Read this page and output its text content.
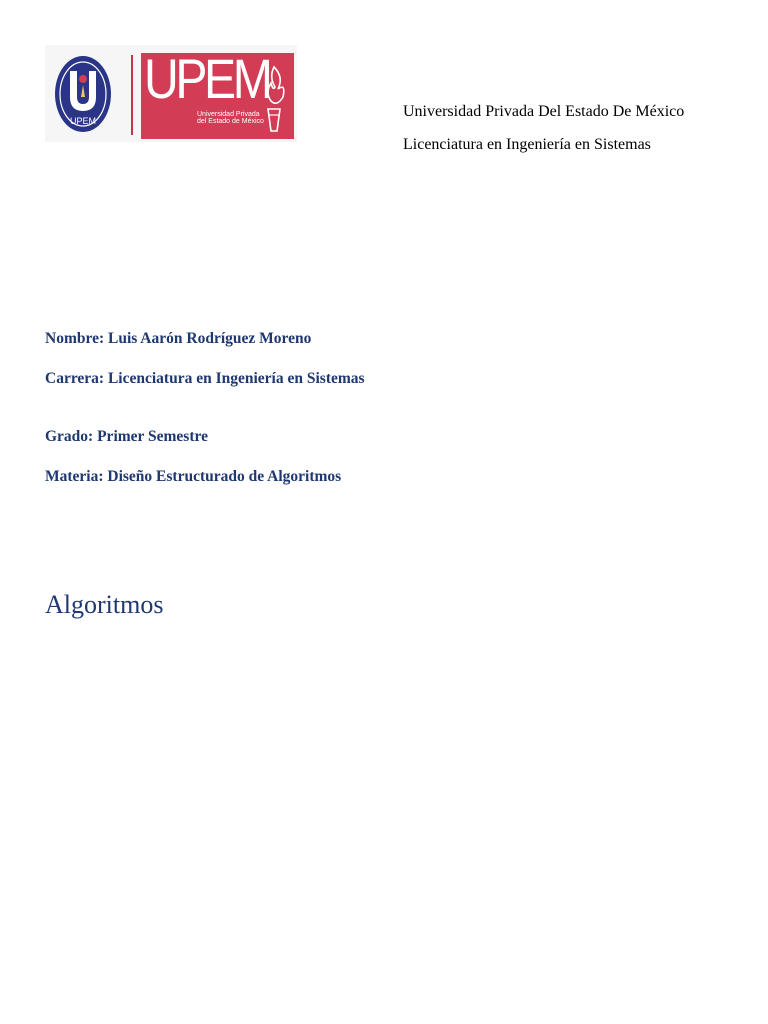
UPEM
UPEM
Universidad Privada del Estado de México
Universidad Privada Del Estado De México
Licenciatura en Ingeniería en Sistemas
Nombre: Luis Aarón Rodríguez Moreno
Carrera: Licenciatura en Ingeniería en Sistemas
Grado: Primer Semestre
Materia: Diseño Estructurado de Algoritmos
Algoritmos
